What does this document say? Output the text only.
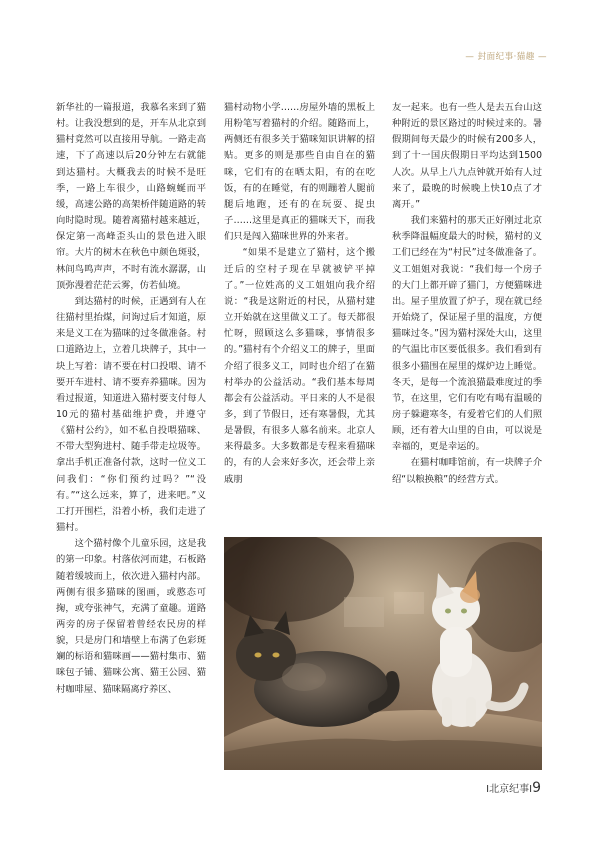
— 封面纪事·猫趣 —

新华社的一篇报道，我慕名来到了猫村。让我没想到的是，开车从北京到猫村竟然可以直接用导航。一路走高速，下了高速以后20分钟左右就能到达猫村。大概我去的时候不是旺季，一路上车很少，山路蜿蜒而平缓，高速公路的高架桥伴随道路的转向时隐时现。随着离猫村越来越近，保定第一高峰歪头山的景色进入眼帘。大片的树木在秋色中颜色斑驳，林间鸟鸣声声，不时有流水潺潺，山顶弥漫着茫茫云雾，仿若仙境。

到达猫村的时候，正遇到有人在往猫村里抬煤，问询过后才知道，原来是义工在为猫咪的过冬做准备。村口道路边上，立着几块牌子，其中一块上写着：请不要在村口投喂、请不要开车进村、请不要弃养猫咪。因为看过报道，知道进入猫村要支付每人10元的猫村基础维护费，并遵守《猫村公约》，如不私自投喂猫咪、不带大型狗进村、随手带走垃圾等。拿出手机正准备付款，这时一位义工问我们：“你们预约过吗？”“没有。”“这么远来，算了，进来吧。”义工打开围栏，沿着小桥，我们走进了猫村。

这个猫村像个儿童乐园，这是我的第一印象。村落依河而建，石板路随着缓坡而上，依次进入猫村内部。两侧有很多猫咪的图画，或憨态可掬，或夸张神气，充满了童趣。道路两旁的房子保留着曾经农民房的样貌，只是房门和墙壁上布满了色彩斑斓的标语和猫咪画——猫村集市、猫咪包子铺、猫咪公寓、猫王公园、猫村咖啡屋、猫咪隔离疗养区、

猫村动物小学……房屋外墙的黑板上用粉笔写着猫村的介绍。随路而上，两侧还有很多关于猫咪知识讲解的招贴。更多的则是那些自由自在的猫咪，它们有的在晒太阳，有的在吃饭，有的在睡觉，有的则蹦着人腿前腿后地跑，还有的在玩耍、捉虫子……这里是真正的猫咪天下，而我们只是闯入猫咪世界的外来者。

“如果不是建立了猫村，这个搬迁后的空村子现在早就被铲平掉了。”一位姓高的义工姐姐向我介绍说：“我是这附近的村民，从猫村建立开始就在这里做义工了。每天都很忙呀，照顾这么多猫咪，事情很多的。”猫村有个介绍义工的牌子，里面介绍了很多义工，同时也介绍了在猫村举办的公益活动。“我们基本每周都会有公益活动。平日来的人不是很多，到了节假日，还有寒暑假，尤其是暑假，有很多人慕名前来。北京人来得最多。大多数都是专程来看猫咪的，有的人会来好多次，还会带上亲戚朋

友一起来。也有一些人是去五台山这种附近的景区路过的时候过来的。暑假期间每天最少的时候有200多人，到了十一国庆假期日平均达到1500人次。从早上八九点钟就开始有人过来了，最晚的时候晚上快10点了才离开。”

我们来猫村的那天正好刚过北京秋季降温幅度最大的时候，猫村的义工们已经在为“村民”过冬做准备了。义工姐姐对我说：“我们每一个房子的大门上都开辟了猫门，方便猫咪进出。屋子里放置了炉子，现在就已经开始烧了，保证屋子里的温度，方便猫咪过冬。”因为猫村深处大山，这里的气温比市区要低很多。我们看到有很多小猫围在屋里的煤炉边上睡觉。冬天，是每一个流浪猫最难度过的季节，在这里，它们有吃有喝有温暖的房子躲避寒冬，有爱着它们的人们照顾，还有着大山里的自由，可以说是幸福的，更是幸运的。

在猫村咖啡馆前，有一块牌子介绍“以粮换粮”的经营方式。

I北京纪事I9
